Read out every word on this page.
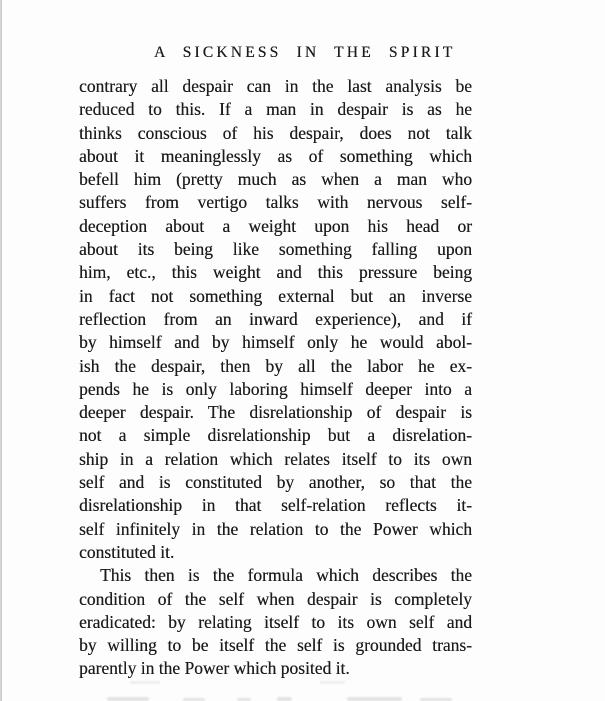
A SICKNESS IN THE SPIRIT
contrary all despair can in the last analysis be
reduced to this. If a man in despair is as he
thinks conscious of his despair, does not talk
about it meaninglessly as of something which
befell him (pretty much as when a man who
suffers from vertigo talks with nervous self-
deception about a weight upon his head or
about its being like something falling upon
him, etc., this weight and this pressure being
in fact not something external but an inverse
reflection from an inward experience), and if
by himself and by himself only he would abol-
ish the despair, then by all the labor he ex-
pends he is only laboring himself deeper into a
deeper despair. The disrelationship of despair is
not a simple disrelationship but a disrelation-
ship in a relation which relates itself to its own
self and is constituted by another, so that the
disrelationship in that self-relation reflects it-
self infinitely in the relation to the Power which
constituted it.
This then is the formula which describes the
condition of the self when despair is completely
eradicated: by relating itself to its own self and
by willing to be itself the self is grounded trans-
parently in the Power which posited it.
